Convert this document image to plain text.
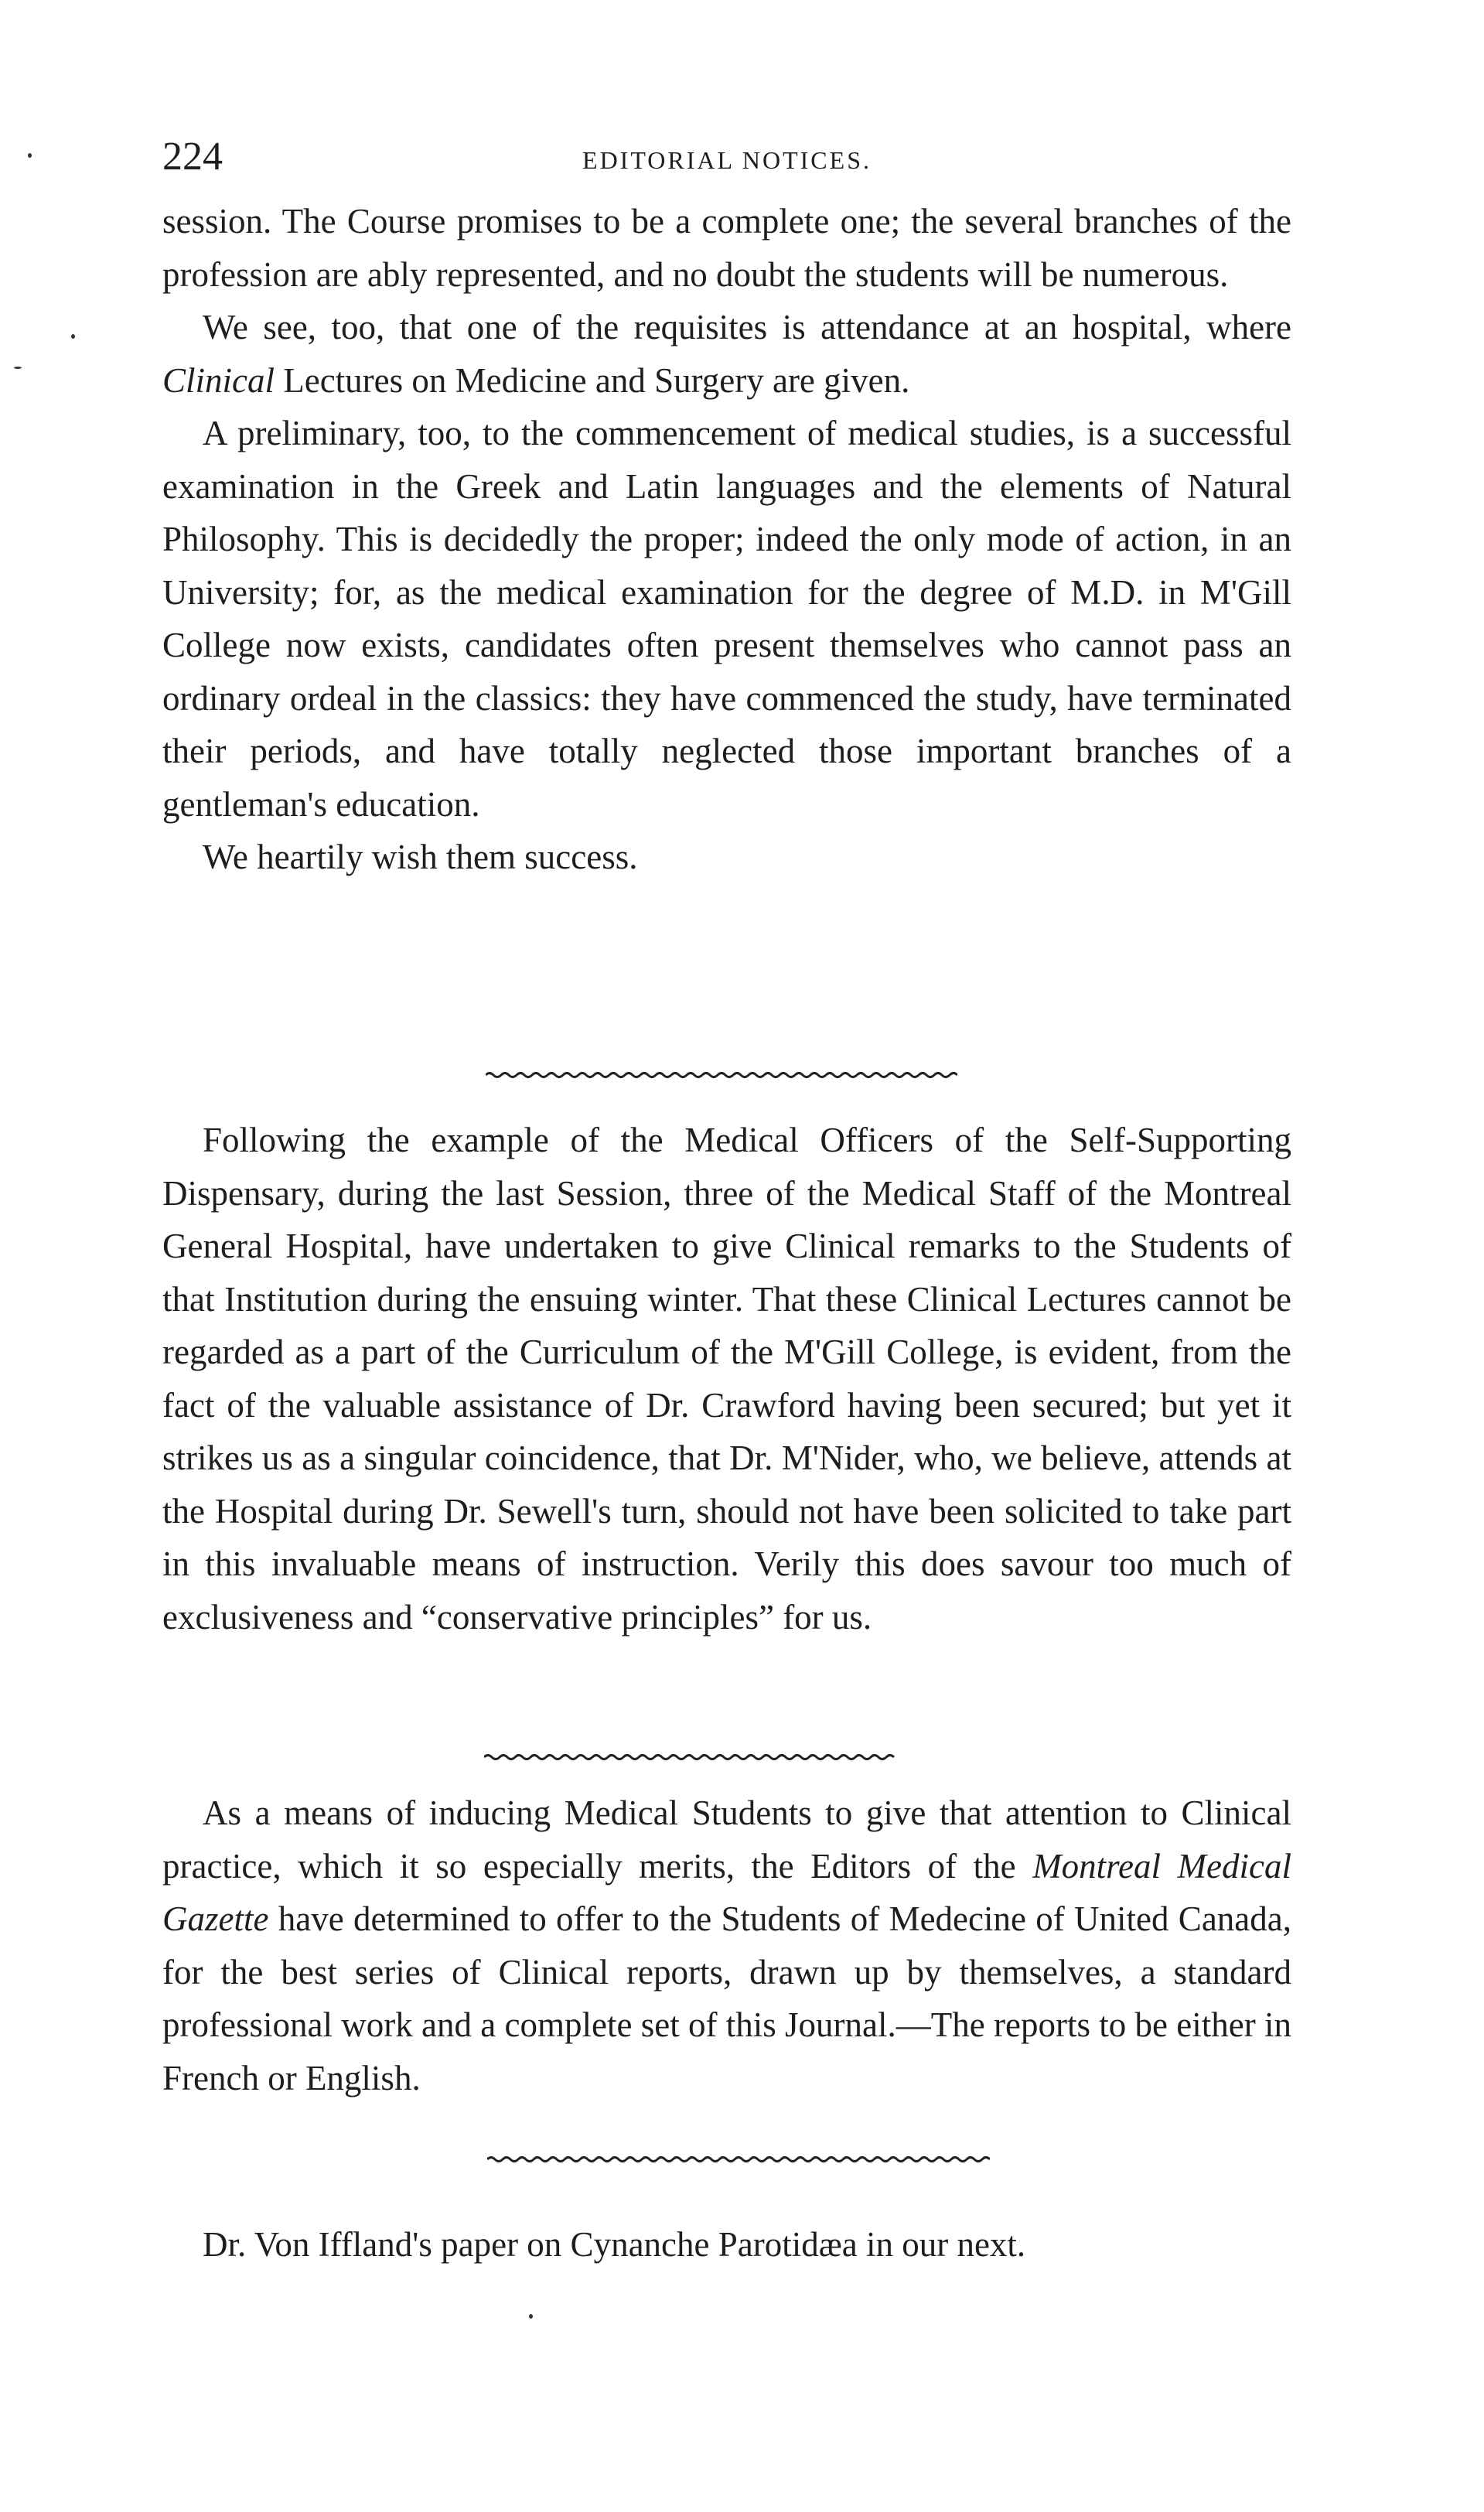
224	EDITORIAL NOTICES.

session. The Course promises to be a complete one; the several branches of the profession are ably represented, and no doubt the students will be numerous.

We see, too, that one of the requisites is attendance at an hospital, where Clinical Lectures on Medicine and Surgery are given.

A preliminary, too, to the commencement of medical studies, is a successful examination in the Greek and Latin languages and the elements of Natural Philosophy. This is decidedly the proper; indeed the only mode of action, in an University; for, as the medical examination for the degree of M.D. in M'Gill College now exists, candidates often present themselves who cannot pass an ordinary ordeal in the classics: they have commenced the study, have terminated their periods, and have totally neglected those important branches of a gentleman's education.

We heartily wish them success.

Following the example of the Medical Officers of the Self-Supporting Dispensary, during the last Session, three of the Medical Staff of the Montreal General Hospital, have undertaken to give Clinical remarks to the Students of that Institution during the ensuing winter. That these Clinical Lectures cannot be regarded as a part of the Curriculum of the M'Gill College, is evident, from the fact of the valuable assistance of Dr. Crawford having been secured; but yet it strikes us as a singular coincidence, that Dr. M'Nider, who, we believe, attends at the Hospital during Dr. Sewell's turn, should not have been solicited to take part in this invaluable means of instruction. Verily this does savour too much of exclusiveness and “conservative principles” for us.

As a means of inducing Medical Students to give that attention to Clinical practice, which it so especially merits, the Editors of the Montreal Medical Gazette have determined to offer to the Students of Medecine of United Canada, for the best series of Clinical reports, drawn up by themselves, a standard professional work and a complete set of this Journal.—The reports to be either in French or English.

Dr. Von Iffland's paper on Cynanche Parotidæa in our next.
